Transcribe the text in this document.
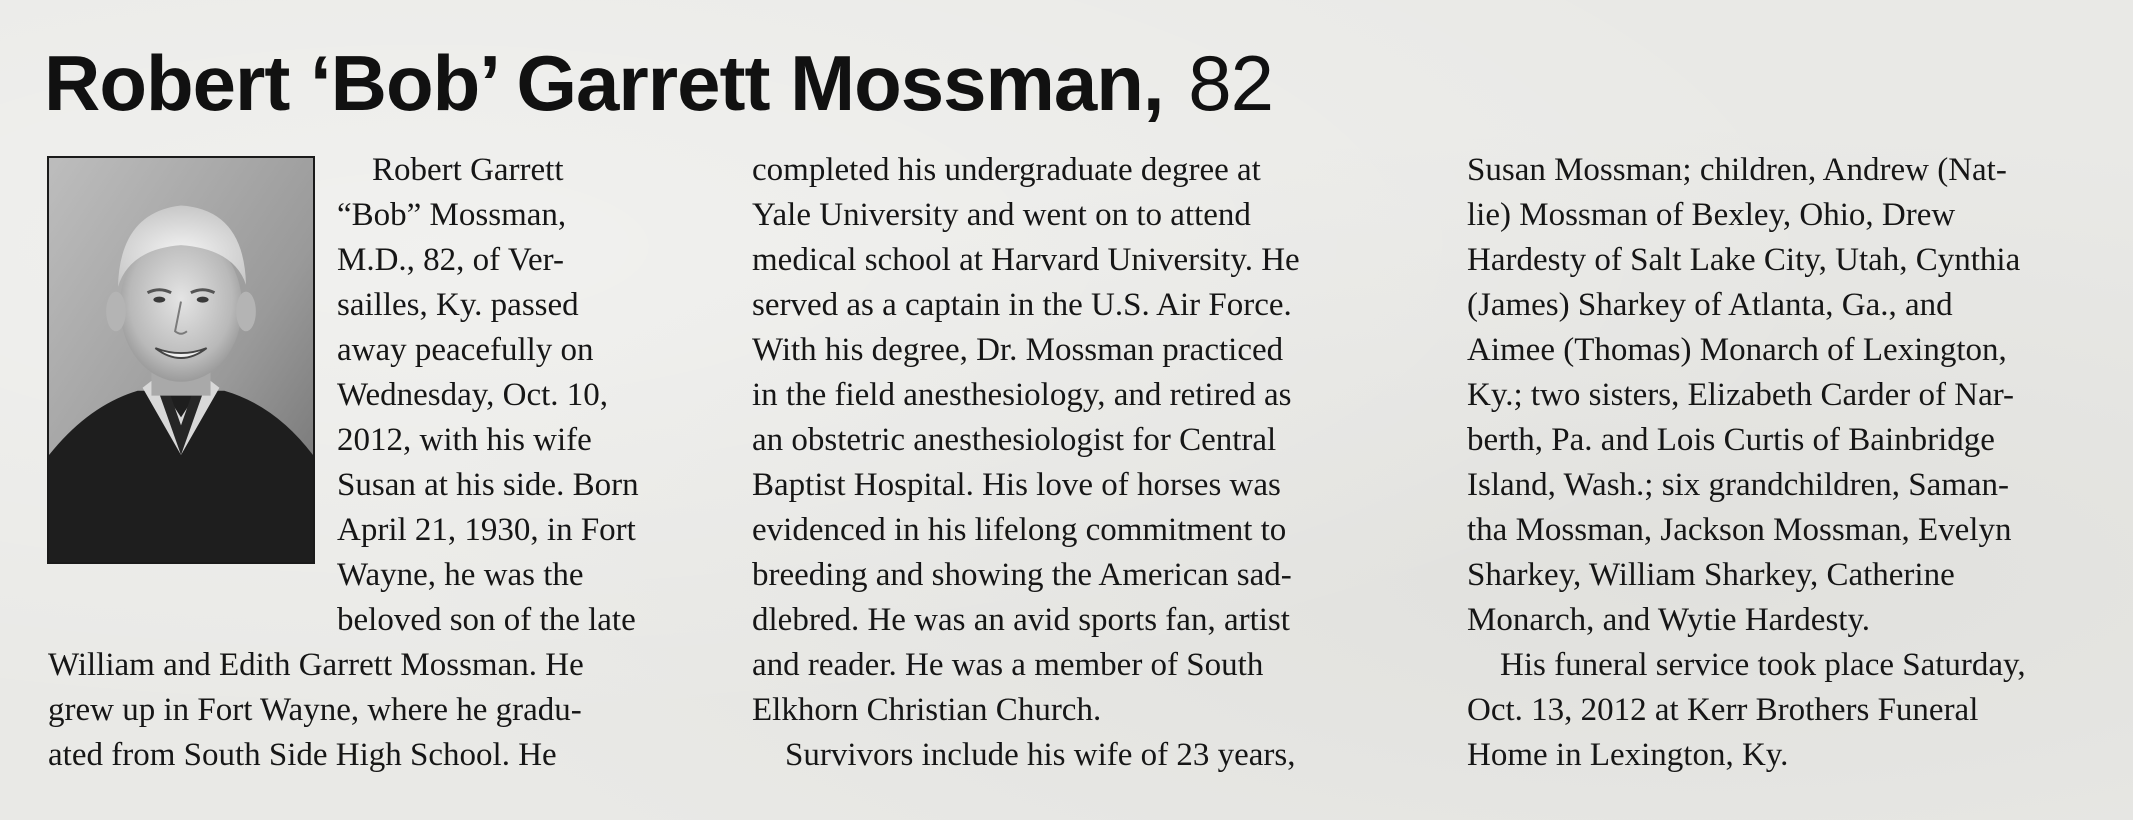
Robert ‘Bob’ Garrett Mossman, 82
Robert Garrett
“Bob” Mossman,
M.D., 82, of Ver-
sailles, Ky. passed
away peacefully on
Wednesday, Oct. 10,
2012, with his wife
Susan at his side. Born
April 21, 1930, in Fort
Wayne, he was the
beloved son of the late
William and Edith Garrett Mossman. He
grew up in Fort Wayne, where he gradu-
ated from South Side High School. He
completed his undergraduate degree at
Yale University and went on to attend
medical school at Harvard University. He
served as a captain in the U.S. Air Force.
With his degree, Dr. Mossman practiced
in the field anesthesiology, and retired as
an obstetric anesthesiologist for Central
Baptist Hospital. His love of horses was
evidenced in his lifelong commitment to
breeding and showing the American sad-
dlebred. He was an avid sports fan, artist
and reader. He was a member of South
Elkhorn Christian Church.
Survivors include his wife of 23 years,
Susan Mossman; children, Andrew (Nat-
lie) Mossman of Bexley, Ohio, Drew
Hardesty of Salt Lake City, Utah, Cynthia
(James) Sharkey of Atlanta, Ga., and
Aimee (Thomas) Monarch of Lexington,
Ky.; two sisters, Elizabeth Carder of Nar-
berth, Pa. and Lois Curtis of Bainbridge
Island, Wash.; six grandchildren, Saman-
tha Mossman, Jackson Mossman, Evelyn
Sharkey, William Sharkey, Catherine
Monarch, and Wytie Hardesty.
His funeral service took place Saturday,
Oct. 13, 2012 at Kerr Brothers Funeral
Home in Lexington, Ky.
